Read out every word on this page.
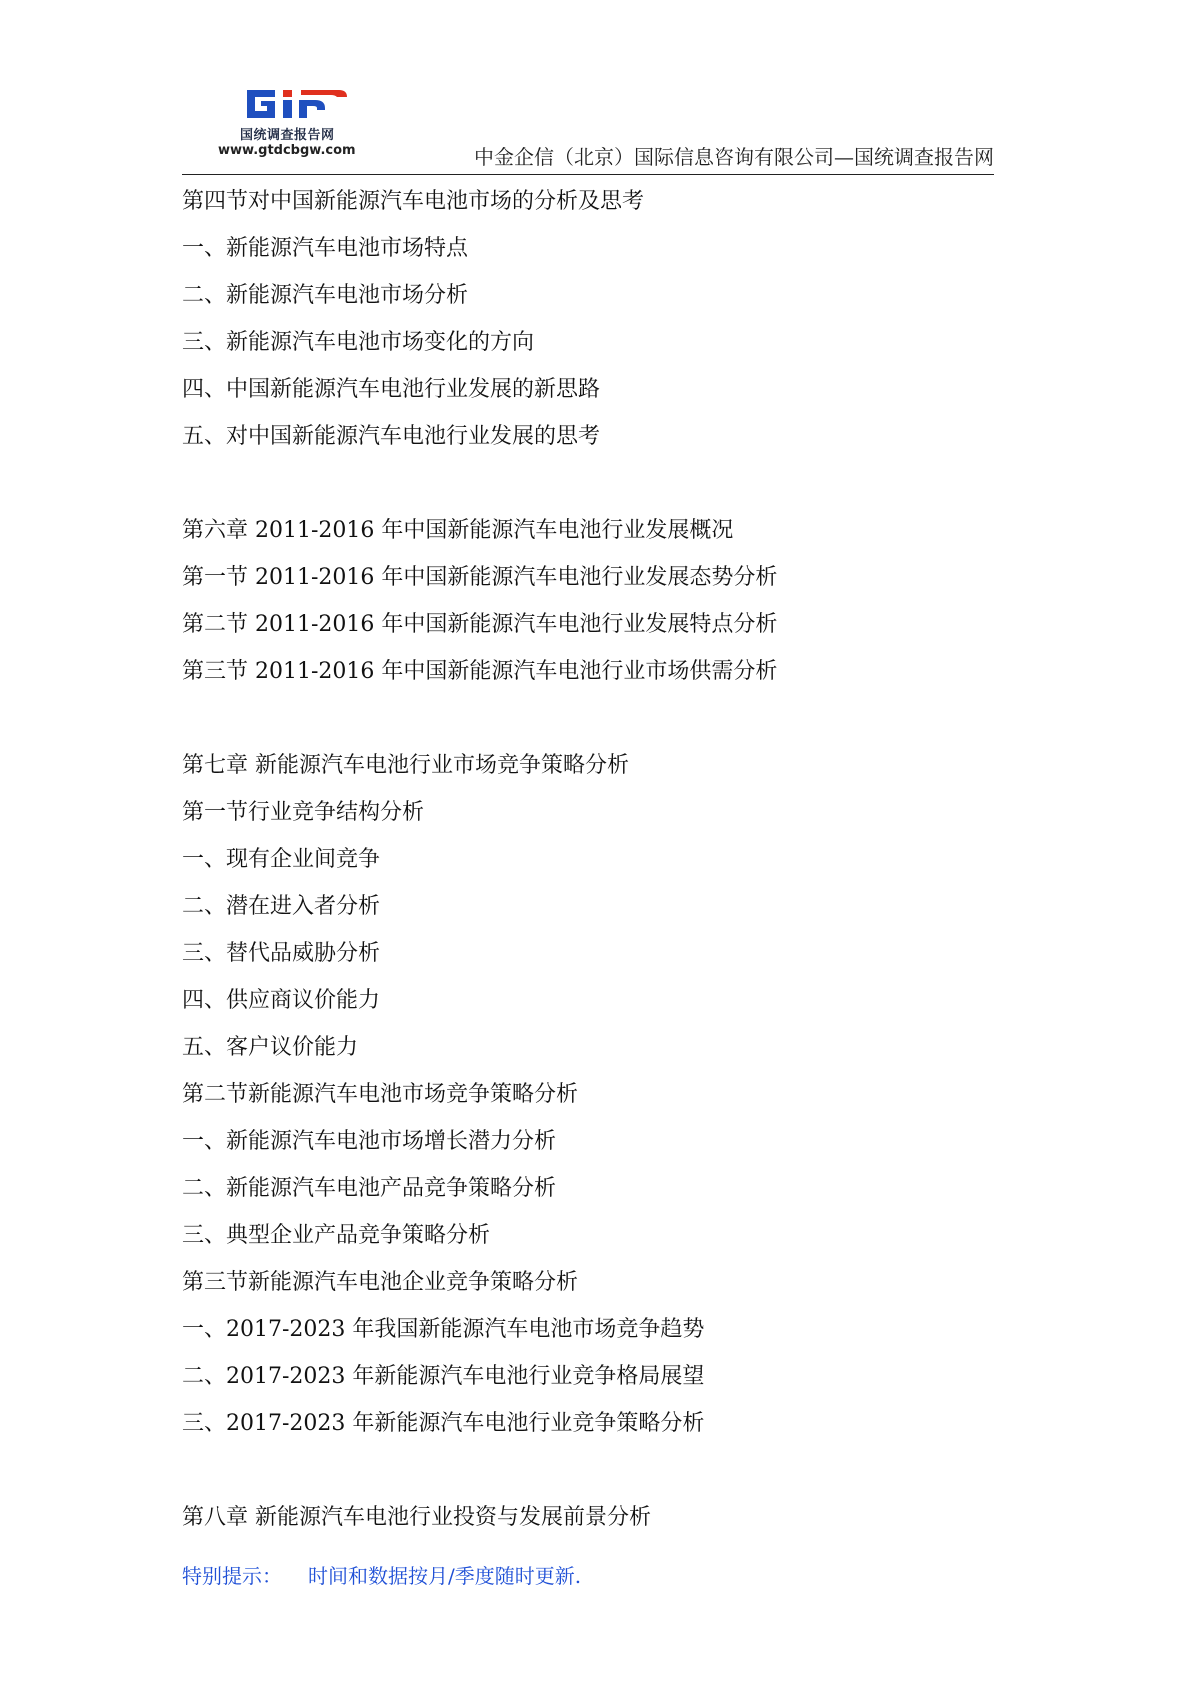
国统调查报告网
www.gtdcbgw.com	中金企信（北京）国际信息咨询有限公司—国统调查报告网
第四节对中国新能源汽车电池市场的分析及思考
一、新能源汽车电池市场特点
二、新能源汽车电池市场分析
三、新能源汽车电池市场变化的方向
四、中国新能源汽车电池行业发展的新思路
五、对中国新能源汽车电池行业发展的思考
第六章 2011-2016 年中国新能源汽车电池行业发展概况
第一节 2011-2016 年中国新能源汽车电池行业发展态势分析
第二节 2011-2016 年中国新能源汽车电池行业发展特点分析
第三节 2011-2016 年中国新能源汽车电池行业市场供需分析
第七章 新能源汽车电池行业市场竞争策略分析
第一节行业竞争结构分析
一、现有企业间竞争
二、潜在进入者分析
三、替代品威胁分析
四、供应商议价能力
五、客户议价能力
第二节新能源汽车电池市场竞争策略分析
一、新能源汽车电池市场增长潜力分析
二、新能源汽车电池产品竞争策略分析
三、典型企业产品竞争策略分析
第三节新能源汽车电池企业竞争策略分析
一、2017-2023 年我国新能源汽车电池市场竞争趋势
二、2017-2023 年新能源汽车电池行业竞争格局展望
三、2017-2023 年新能源汽车电池行业竞争策略分析
第八章 新能源汽车电池行业投资与发展前景分析
特别提示： 时间和数据按月/季度随时更新.
